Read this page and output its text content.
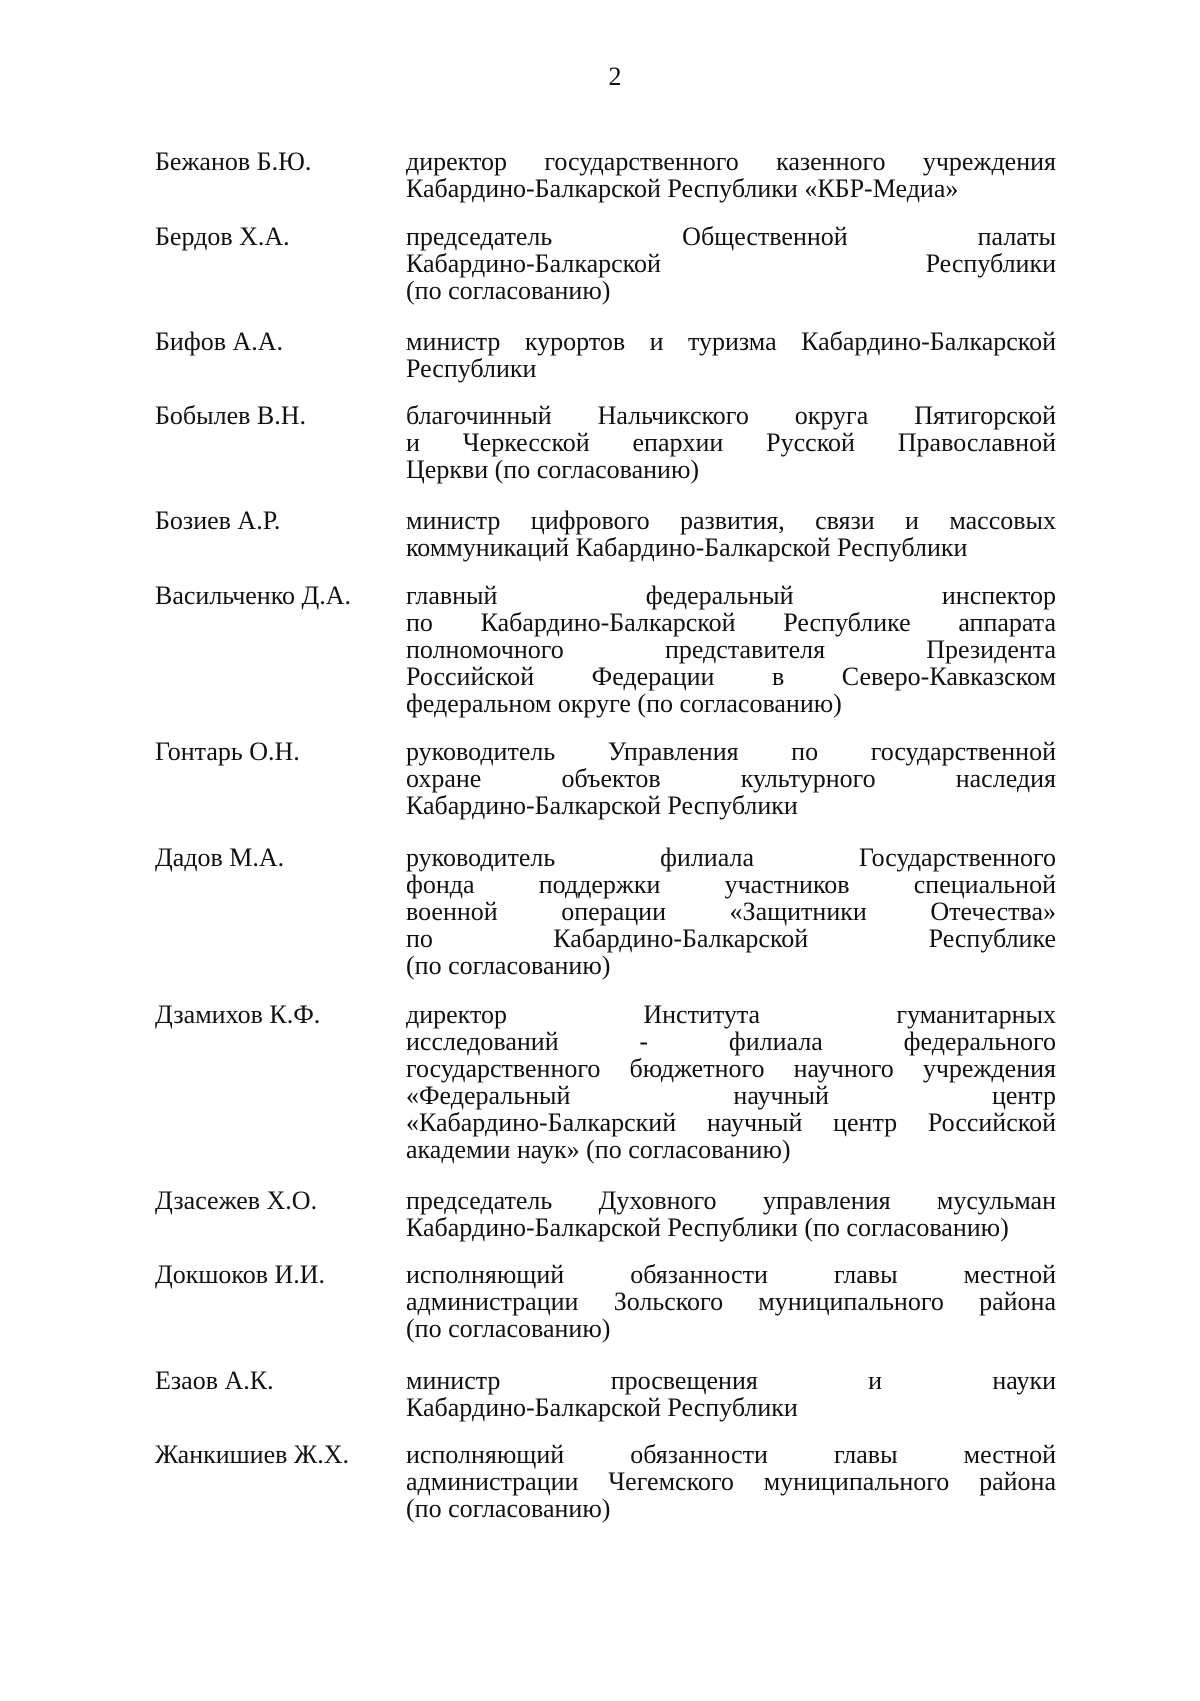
2
Бежанов Б.Ю.	директор государственного казенного учреждения
Кабардино-Балкарской Республики «КБР-Медиа»
Бердов Х.А.	председатель Общественной палаты
Кабардино-Балкарской Республики
(по согласованию)
Бифов А.А.	министр курортов и туризма Кабардино-Балкарской
Республики
Бобылев В.Н.	благочинный Нальчикского округа Пятигорской
и Черкесской епархии Русской Православной
Церкви (по согласованию)
Бозиев А.Р.	министр цифрового развития, связи и массовых
коммуникаций Кабардино-Балкарской Республики
Васильченко Д.А. главный федеральный инспектор
по Кабардино-Балкарской Республике аппарата
полномочного представителя Президента
Российской Федерации в Северо-Кавказском
федеральном округе (по согласованию)
Гонтарь О.Н.	руководитель Управления по государственной
охране объектов культурного наследия
Кабардино-Балкарской Республики
Дадов М.А.	руководитель филиала Государственного
фонда поддержки участников специальной
военной операции «Защитники Отечества»
по Кабардино-Балкарской Республике
(по согласованию)
Дзамихов К.Ф.	директор Института гуманитарных
исследований - филиала федерального
государственного бюджетного научного учреждения
«Федеральный научный центр
«Кабардино-Балкарский научный центр Российской
академии наук» (по согласованию)
Дзасежев Х.О.	председатель Духовного управления мусульман
Кабардино-Балкарской Республики (по согласованию)
Докшоков И.И.	исполняющий обязанности главы местной
администрации Зольского муниципального района
(по согласованию)
Езаов А.К.	министр просвещения и науки
Кабардино-Балкарской Республики
Жанкишиев Ж.Х. исполняющий обязанности главы местной
администрации Чегемского муниципального района
(по согласованию)
